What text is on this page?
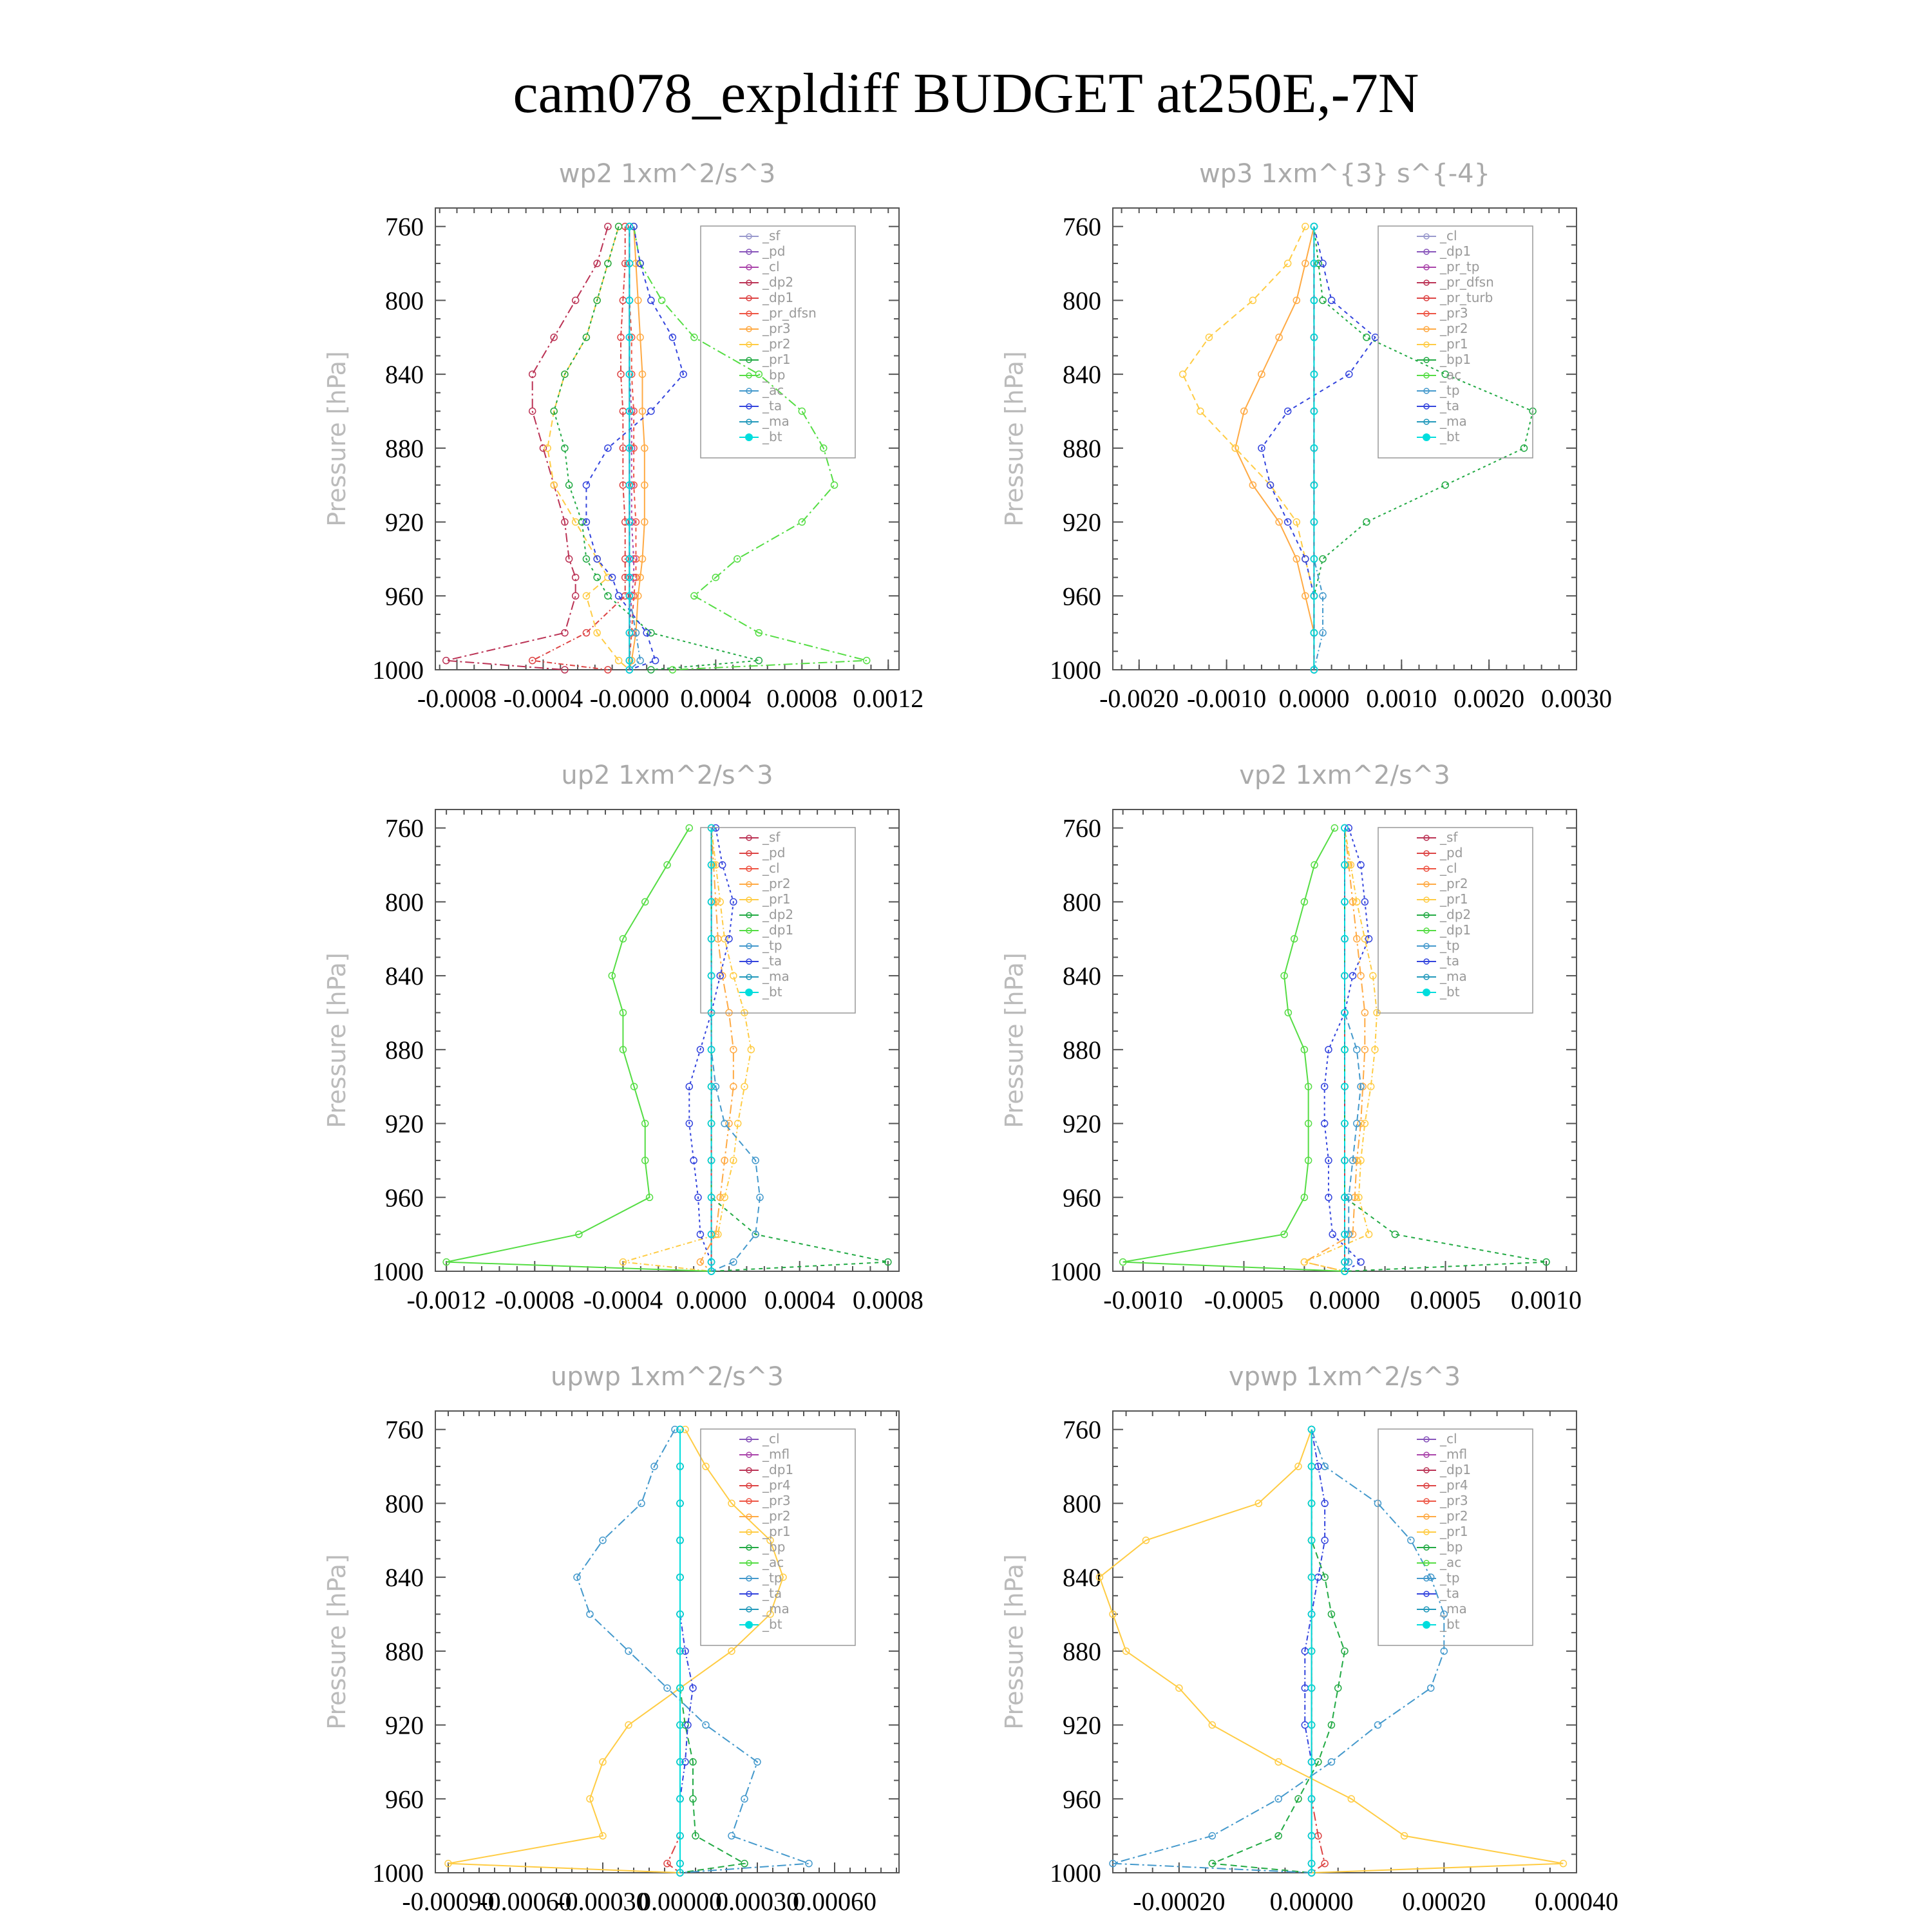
cam078_expldiff BUDGET at250E,-7N
wp2 1xm^2/s^3
Pressure [hPa]
760
800
840
880
920
960
1000
-0.0008 -0.0004 -0.0000 0.0004 0.0008 0.0012
_sf
_pd
_cl
_dp2
_dp1
_pr_dfsn
_pr3
_pr2
_pr1
_bp
_ac
_ta
_ma
_bt
wp3 1xm^{3} s^{-4}
Pressure [hPa]
760
800
840
880
920
960
1000
-0.0020 -0.0010 0.0000 0.0010 0.0020 0.0030
_cl
_dp1
_pr_tp
_pr_dfsn
_pr_turb
_pr3
_pr2
_pr1
_bp1
_ac
_tp
_ta
_ma
_bt
up2 1xm^2/s^3
Pressure [hPa]
760
800
840
880
920
960
1000
-0.0012 -0.0008 -0.0004 0.0000 0.0004 0.0008
_sf
_pd
_cl
_pr2
_pr1
_dp2
_dp1
_tp
_ta
_ma
_bt
vp2 1xm^2/s^3
Pressure [hPa]
760
800
840
880
920
960
1000
-0.0010 -0.0005 0.0000 0.0005 0.0010
_sf
_pd
_cl
_pr2
_pr1
_dp2
_dp1
_tp
_ta
_ma
_bt
upwp 1xm^2/s^3
Pressure [hPa]
760
800
840
880
920
960
1000
-0.00090
-0.00060
-0.00030
0.00000
0.00030
0.00060
_cl
_mfl
_dp1
_pr4
_pr3
_pr2
_pr1
_bp
_ac
_tp
_ta
_ma
_bt
vpwp 1xm^2/s^3
Pressure [hPa]
760
800
840
880
920
960
1000
-0.00020 0.00000 0.00020 0.00040
_cl
_mfl
_dp1
_pr4
_pr3
_pr2
_pr1
_bp
_ac
_tp
_ta
_ma
_bt
